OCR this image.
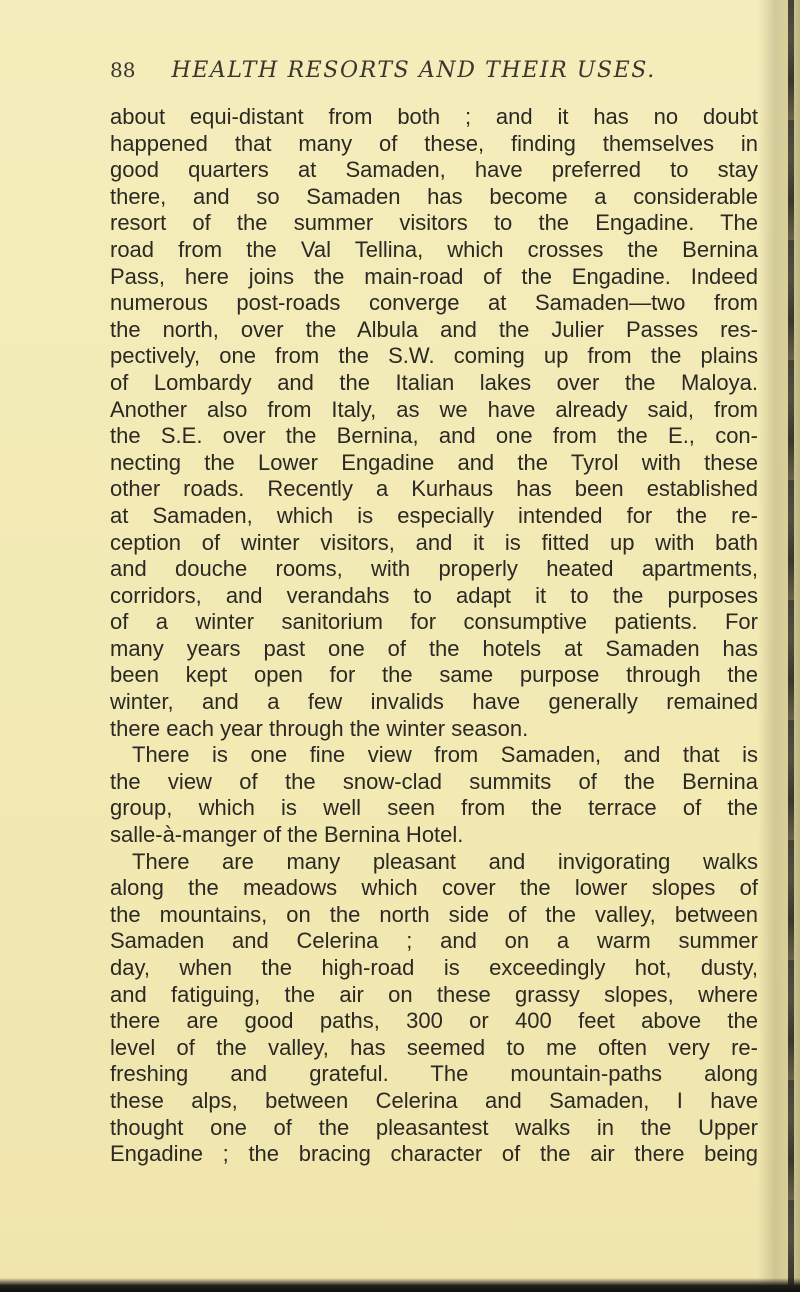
88 HEALTH RESORTS AND THEIR USES.
about equi-distant from both ; and it has no doubt
happened that many of these, finding themselves in
good quarters at Samaden, have preferred to stay
there, and so Samaden has become a considerable
resort of the summer visitors to the Engadine. The
road from the Val Tellina, which crosses the Bernina
Pass, here joins the main-road of the Engadine. Indeed
numerous post-roads converge at Samaden—two from
the north, over the Albula and the Julier Passes res-
pectively, one from the S.W. coming up from the plains
of Lombardy and the Italian lakes over the Maloya.
Another also from Italy, as we have already said, from
the S.E. over the Bernina, and one from the E., con-
necting the Lower Engadine and the Tyrol with these
other roads. Recently a Kurhaus has been established
at Samaden, which is especially intended for the re-
ception of winter visitors, and it is fitted up with bath
and douche rooms, with properly heated apartments,
corridors, and verandahs to adapt it to the purposes
of a winter sanitorium for consumptive patients. For
many years past one of the hotels at Samaden has
been kept open for the same purpose through the
winter, and a few invalids have generally remained
there each year through the winter season.
There is one fine view from Samaden, and that is
the view of the snow-clad summits of the Bernina
group, which is well seen from the terrace of the
salle-à-manger of the Bernina Hotel.
There are many pleasant and invigorating walks
along the meadows which cover the lower slopes of
the mountains, on the north side of the valley, between
Samaden and Celerina ; and on a warm summer
day, when the high-road is exceedingly hot, dusty,
and fatiguing, the air on these grassy slopes, where
there are good paths, 300 or 400 feet above the
level of the valley, has seemed to me often very re-
freshing and grateful. The mountain-paths along
these alps, between Celerina and Samaden, I have
thought one of the pleasantest walks in the Upper
Engadine ; the bracing character of the air there being
